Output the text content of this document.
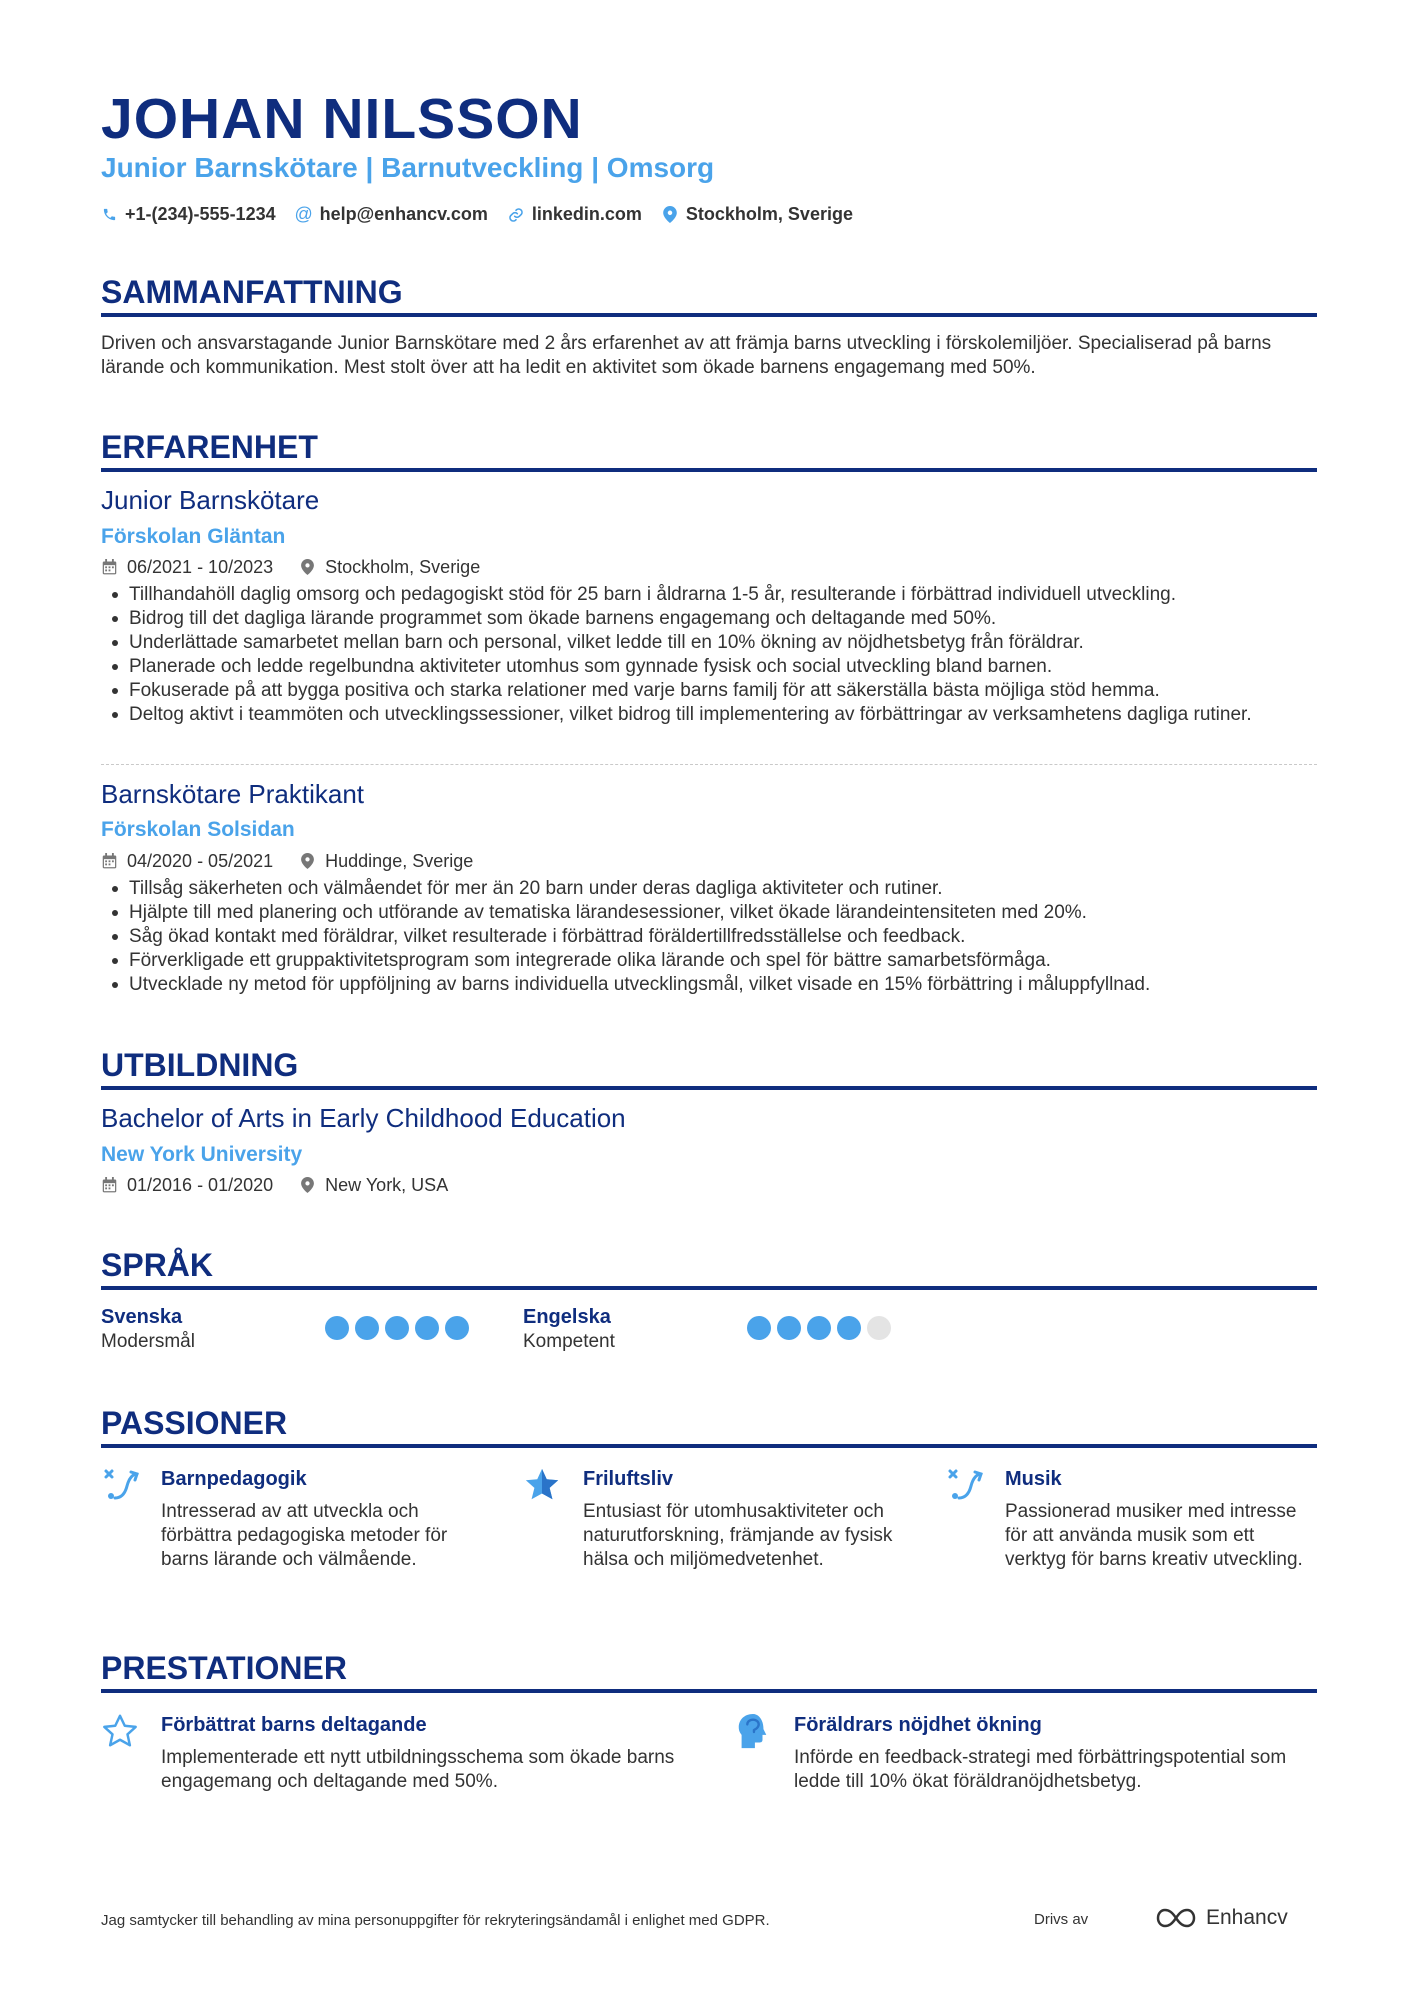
JOHAN NILSSON
Junior Barnskötare | Barnutveckling | Omsorg
+1-(234)-555-1234 @ help@enhancv.com linkedin.com Stockholm, Sverige
SAMMANFATTNING
Driven och ansvarstagande Junior Barnskötare med 2 års erfarenhet av att främja barns utveckling i förskolemiljöer. Specialiserad på barns lärande och kommunikation. Mest stolt över att ha ledit en aktivitet som ökade barnens engagemang med 50%.
ERFARENHET
Junior Barnskötare
Förskolan Gläntan
06/2021 - 10/2023	Stockholm, Sverige
Tillhandahöll daglig omsorg och pedagogiskt stöd för 25 barn i åldrarna 1-5 år, resulterande i förbättrad individuell utveckling.
Bidrog till det dagliga lärande programmet som ökade barnens engagemang och deltagande med 50%.
Underlättade samarbetet mellan barn och personal, vilket ledde till en 10% ökning av nöjdhetsbetyg från föräldrar.
Planerade och ledde regelbundna aktiviteter utomhus som gynnade fysisk och social utveckling bland barnen.
Fokuserade på att bygga positiva och starka relationer med varje barns familj för att säkerställa bästa möjliga stöd hemma.
Deltog aktivt i teammöten och utvecklingssessioner, vilket bidrog till implementering av förbättringar av verksamhetens dagliga rutiner.
Barnskötare Praktikant
Förskolan Solsidan
04/2020 - 05/2021	Huddinge, Sverige
Tillsåg säkerheten och välmåendet för mer än 20 barn under deras dagliga aktiviteter och rutiner.
Hjälpte till med planering och utförande av tematiska lärandesessioner, vilket ökade lärandeintensiteten med 20%.
Såg ökad kontakt med föräldrar, vilket resulterade i förbättrad föräldertillfredsställelse och feedback.
Förverkligade ett gruppaktivitetsprogram som integrerade olika lärande och spel för bättre samarbetsförmåga.
Utvecklade ny metod för uppföljning av barns individuella utvecklingsmål, vilket visade en 15% förbättring i måluppfyllnad.
UTBILDNING
Bachelor of Arts in Early Childhood Education
New York University
01/2016 - 01/2020	New York, USA
SPRÅK
Svenska
Modersmål
Engelska
Kompetent
PASSIONER
Barnpedagogik
Intresserad av att utveckla och förbättra pedagogiska metoder för barns lärande och välmående.
Friluftsliv
Entusiast för utomhusaktiviteter och naturutforskning, främjande av fysisk hälsa och miljömedvetenhet.
Musik
Passionerad musiker med intresse för att använda musik som ett verktyg för barns kreativ utveckling.
PRESTATIONER
Förbättrat barns deltagande
Implementerade ett nytt utbildningsschema som ökade barns engagemang och deltagande med 50%.
Föräldrars nöjdhet ökning
Införde en feedback-strategi med förbättringspotential som ledde till 10% ökat föräldranöjdhetsbetyg.
Jag samtycker till behandling av mina personuppgifter för rekryteringsändamål i enlighet med GDPR.	Drivs av	Enhancv
